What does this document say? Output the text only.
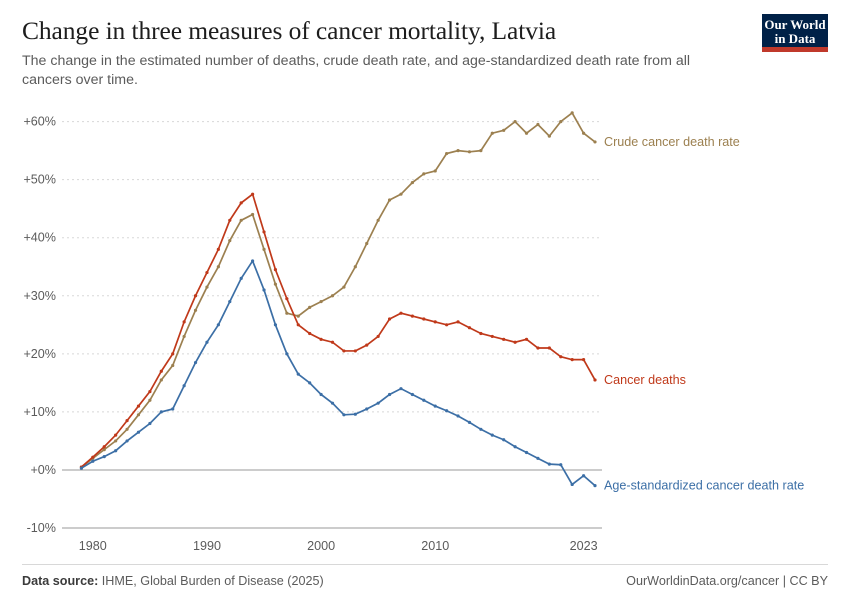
Change in three measures of cancer mortality, Latvia

The change in the estimated number of deaths, crude death rate, and age-standardized death rate from all cancers over time.

Our World
in Data
-10%
+0%
+10%
+20%
+30%
+40%
+50%
+60%
1980	1990	2000	2010	2023
Crude cancer death rate
Cancer deaths
Age-standardized cancer death rate
Data source: IHME, Global Burden of Disease (2025)	OurWorldinData.org/cancer | CC BY
